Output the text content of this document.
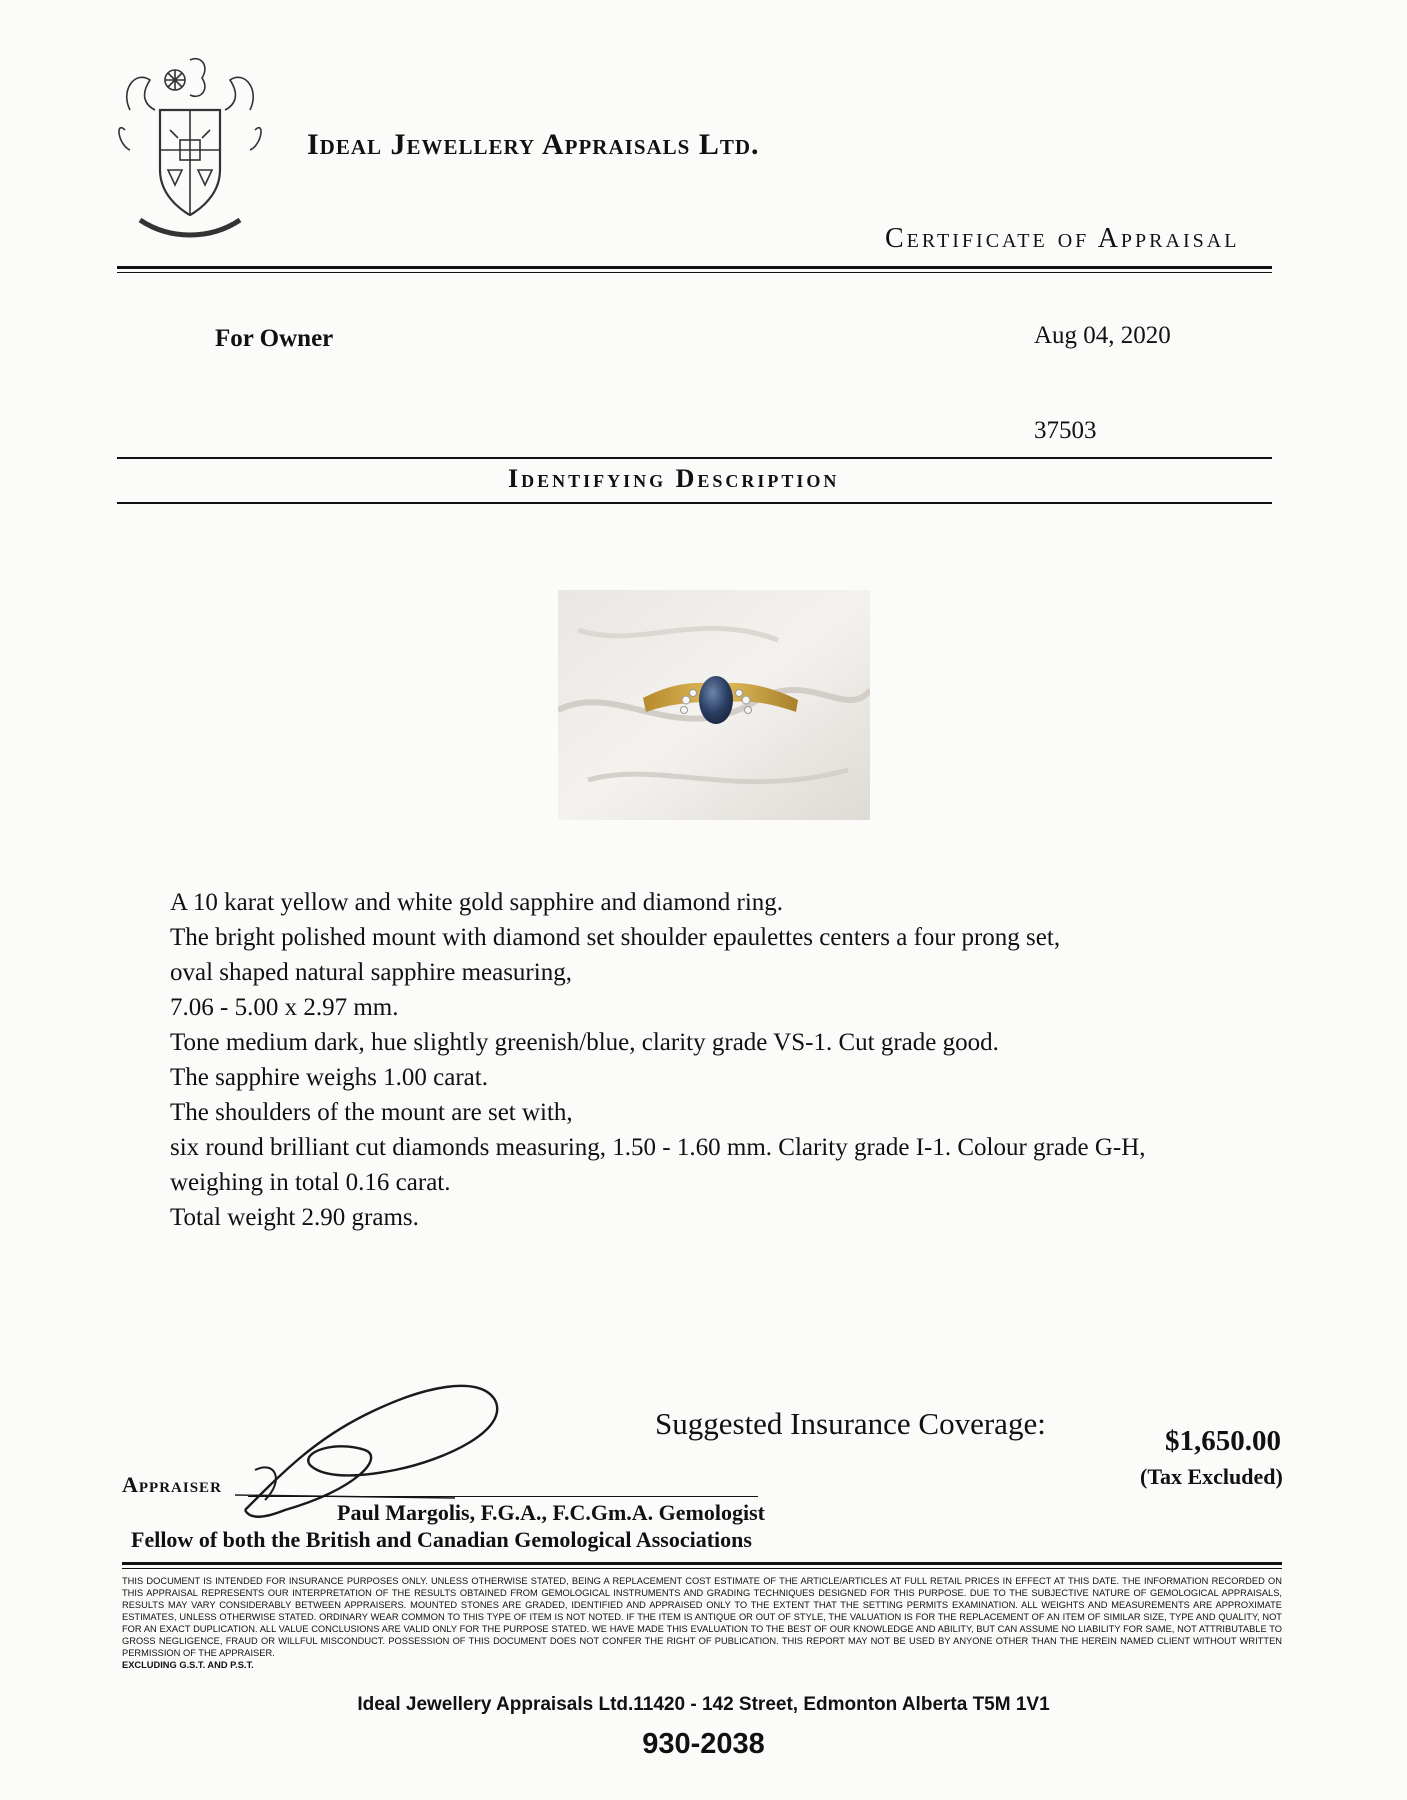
Ideal Jewellery Appraisals Ltd.
Certificate of Appraisal
For Owner	Aug 04, 2020
37503
Identifying Description
A 10 karat yellow and white gold sapphire and diamond ring.
The bright polished mount with diamond set shoulder epaulettes centers a four prong set,
oval shaped natural sapphire measuring,
7.06 - 5.00 x 2.97 mm.
Tone medium dark, hue slightly greenish/blue, clarity grade VS-1. Cut grade good.
The sapphire weighs 1.00 carat.
The shoulders of the mount are set with,
six round brilliant cut diamonds measuring, 1.50 - 1.60 mm. Clarity grade I-1. Colour grade G-H,
weighing in total 0.16 carat.
Total weight 2.90 grams.
Suggested Insurance Coverage:	$1,650.00
(Tax Excluded)
Appraiser
Paul Margolis, F.G.A., F.C.Gm.A. Gemologist
Fellow of both the British and Canadian Gemological Associations
THIS DOCUMENT IS INTENDED FOR INSURANCE PURPOSES ONLY. UNLESS OTHERWISE STATED, BEING A REPLACEMENT COST ESTIMATE OF THE ARTICLE/ARTICLES AT FULL RETAIL PRICES IN EFFECT AT THIS DATE. THE INFORMATION RECORDED ON THIS APPRAISAL REPRESENTS OUR INTERPRETATION OF THE RESULTS OBTAINED FROM GEMOLOGICAL INSTRUMENTS AND GRADING TECHNIQUES DESIGNED FOR THIS PURPOSE. DUE TO THE SUBJECTIVE NATURE OF GEMOLOGICAL APPRAISALS, RESULTS MAY VARY CONSIDERABLY BETWEEN APPRAISERS. MOUNTED STONES ARE GRADED, IDENTIFIED AND APPRAISED ONLY TO THE EXTENT THAT THE SETTING PERMITS EXAMINATION. ALL WEIGHTS AND MEASUREMENTS ARE APPROXIMATE ESTIMATES, UNLESS OTHERWISE STATED. ORDINARY WEAR COMMON TO THIS TYPE OF ITEM IS NOT NOTED. IF THE ITEM IS ANTIQUE OR OUT OF STYLE, THE VALUATION IS FOR THE REPLACEMENT OF AN ITEM OF SIMILAR SIZE, TYPE AND QUALITY, NOT FOR AN EXACT DUPLICATION. ALL VALUE CONCLUSIONS ARE VALID ONLY FOR THE PURPOSE STATED. WE HAVE MADE THIS EVALUATION TO THE BEST OF OUR KNOWLEDGE AND ABILITY, BUT CAN ASSUME NO LIABILITY FOR SAME, NOT ATTRIBUTABLE TO GROSS NEGLIGENCE, FRAUD OR WILLFUL MISCONDUCT. POSSESSION OF THIS DOCUMENT DOES NOT CONFER THE RIGHT OF PUBLICATION. THIS REPORT MAY NOT BE USED BY ANYONE OTHER THAN THE HEREIN NAMED CLIENT WITHOUT WRITTEN PERMISSION OF THE APPRAISER.
EXCLUDING G.S.T. AND P.S.T.
Ideal Jewellery Appraisals Ltd.11420 - 142 Street, Edmonton Alberta T5M 1V1
930-2038
